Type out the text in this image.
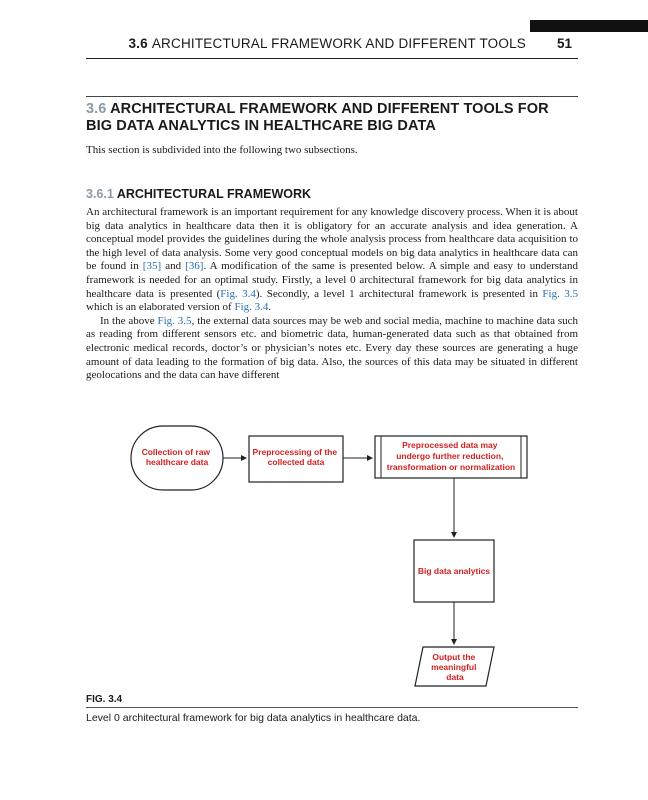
3.6 ARCHITECTURAL FRAMEWORK AND DIFFERENT TOOLS 51
3.6 ARCHITECTURAL FRAMEWORK AND DIFFERENT TOOLS FOR BIG DATA ANALYTICS IN HEALTHCARE BIG DATA
This section is subdivided into the following two subsections.
3.6.1 ARCHITECTURAL FRAMEWORK

An architectural framework is an important requirement for any knowledge discovery process. When it is about big data analytics in healthcare data then it is obligatory for an accurate analysis and idea generation. A conceptual model provides the guidelines during the whole analysis process from healthcare data acquisition to the high level of data analysis. Some very good conceptual models on big data analytics in healthcare data can be found in [35] and [36]. A modification of the same is presented below. A simple and easy to understand framework is needed for an optimal study. Firstly, a level 0 architectural framework for big data analytics in healthcare data is presented (Fig. 3.4). Secondly, a level 1 architectural framework is presented in Fig. 3.5 which is an elaborated version of Fig. 3.4.

In the above Fig. 3.5, the external data sources may be web and social media, machine to machine data such as reading from different sensors etc. and biometric data, human-generated data such as that obtained from electronic medical records, doctor’s or physician’s notes etc. Every day these sources are generating a huge amount of data leading to the formation of big data. Also, the sources of this data may be situated in different geolocations and the data can have different

Collection of raw healthcare data
Preprocessing of the collected data
Preprocessed data may undergo further reduction, transformation or normalization
Big data analytics
Output the meaningful data
FIG. 3.4
Level 0 architectural framework for big data analytics in healthcare data.
